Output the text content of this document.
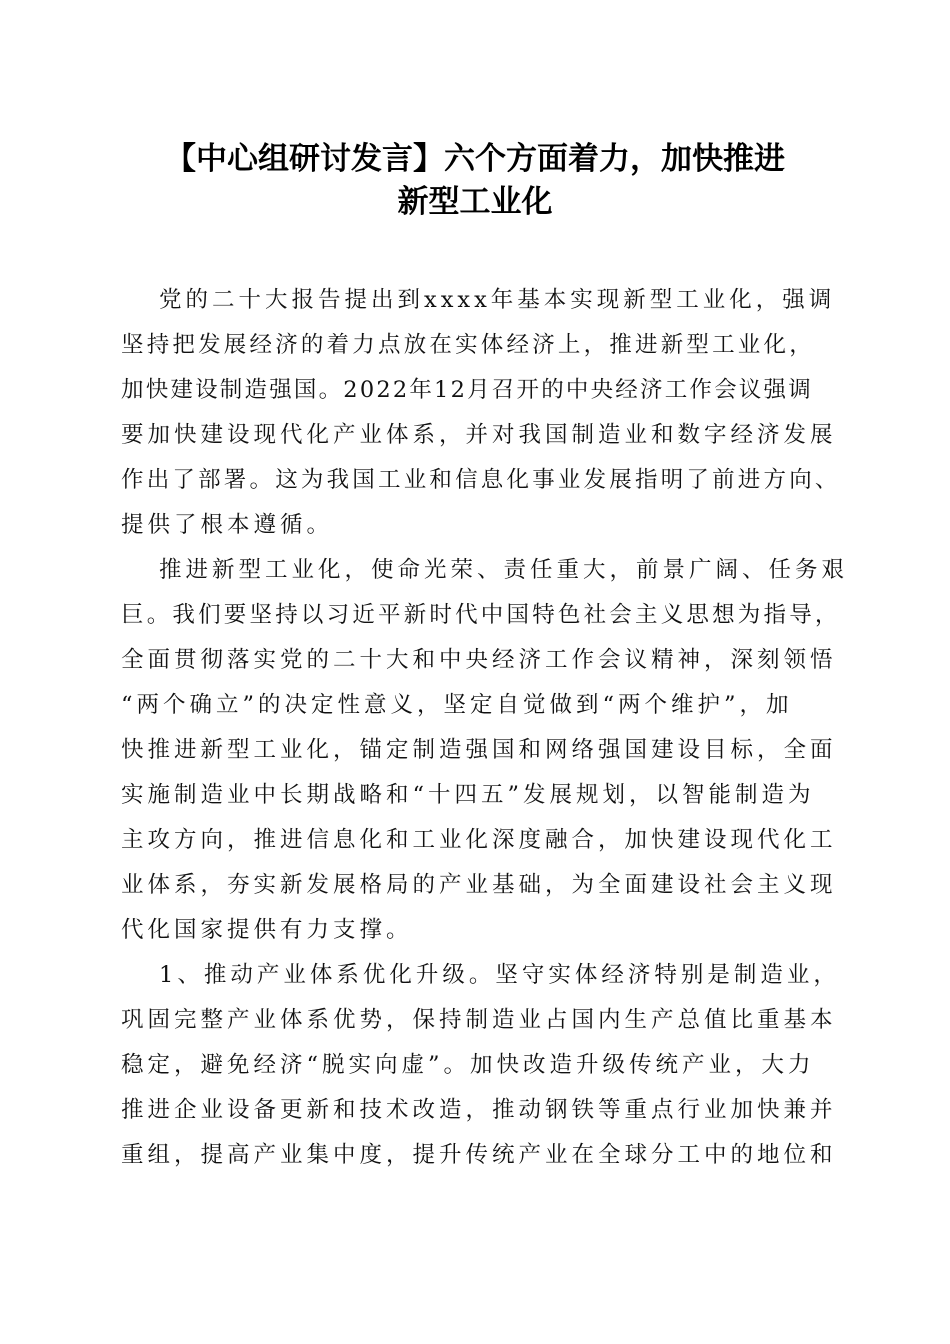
【中心组研讨发言】六个方面着力，加快推进
新型工业化
党的二十大报告提出到xxxx年基本实现新型工业化，强调
坚持把发展经济的着力点放在实体经济上，推进新型工业化，
加快建设制造强国。2022年12月召开的中央经济工作会议强调
要加快建设现代化产业体系，并对我国制造业和数字经济发展
作出了部署。这为我国工业和信息化事业发展指明了前进方向、
提供了根本遵循。
推进新型工业化，使命光荣、责任重大，前景广阔、任务艰
巨。我们要坚持以习近平新时代中国特色社会主义思想为指导，
全面贯彻落实党的二十大和中央经济工作会议精神，深刻领悟
“两个确立”的决定性意义，坚定自觉做到“两个维护”，加
快推进新型工业化，锚定制造强国和网络强国建设目标，全面
实施制造业中长期战略和“十四五”发展规划，以智能制造为
主攻方向，推进信息化和工业化深度融合，加快建设现代化工
业体系，夯实新发展格局的产业基础，为全面建设社会主义现
代化国家提供有力支撑。
1、推动产业体系优化升级。坚守实体经济特别是制造业，
巩固完整产业体系优势，保持制造业占国内生产总值比重基本
稳定，避免经济“脱实向虚”。加快改造升级传统产业，大力
推进企业设备更新和技术改造，推动钢铁等重点行业加快兼并
重组，提高产业集中度，提升传统产业在全球分工中的地位和
